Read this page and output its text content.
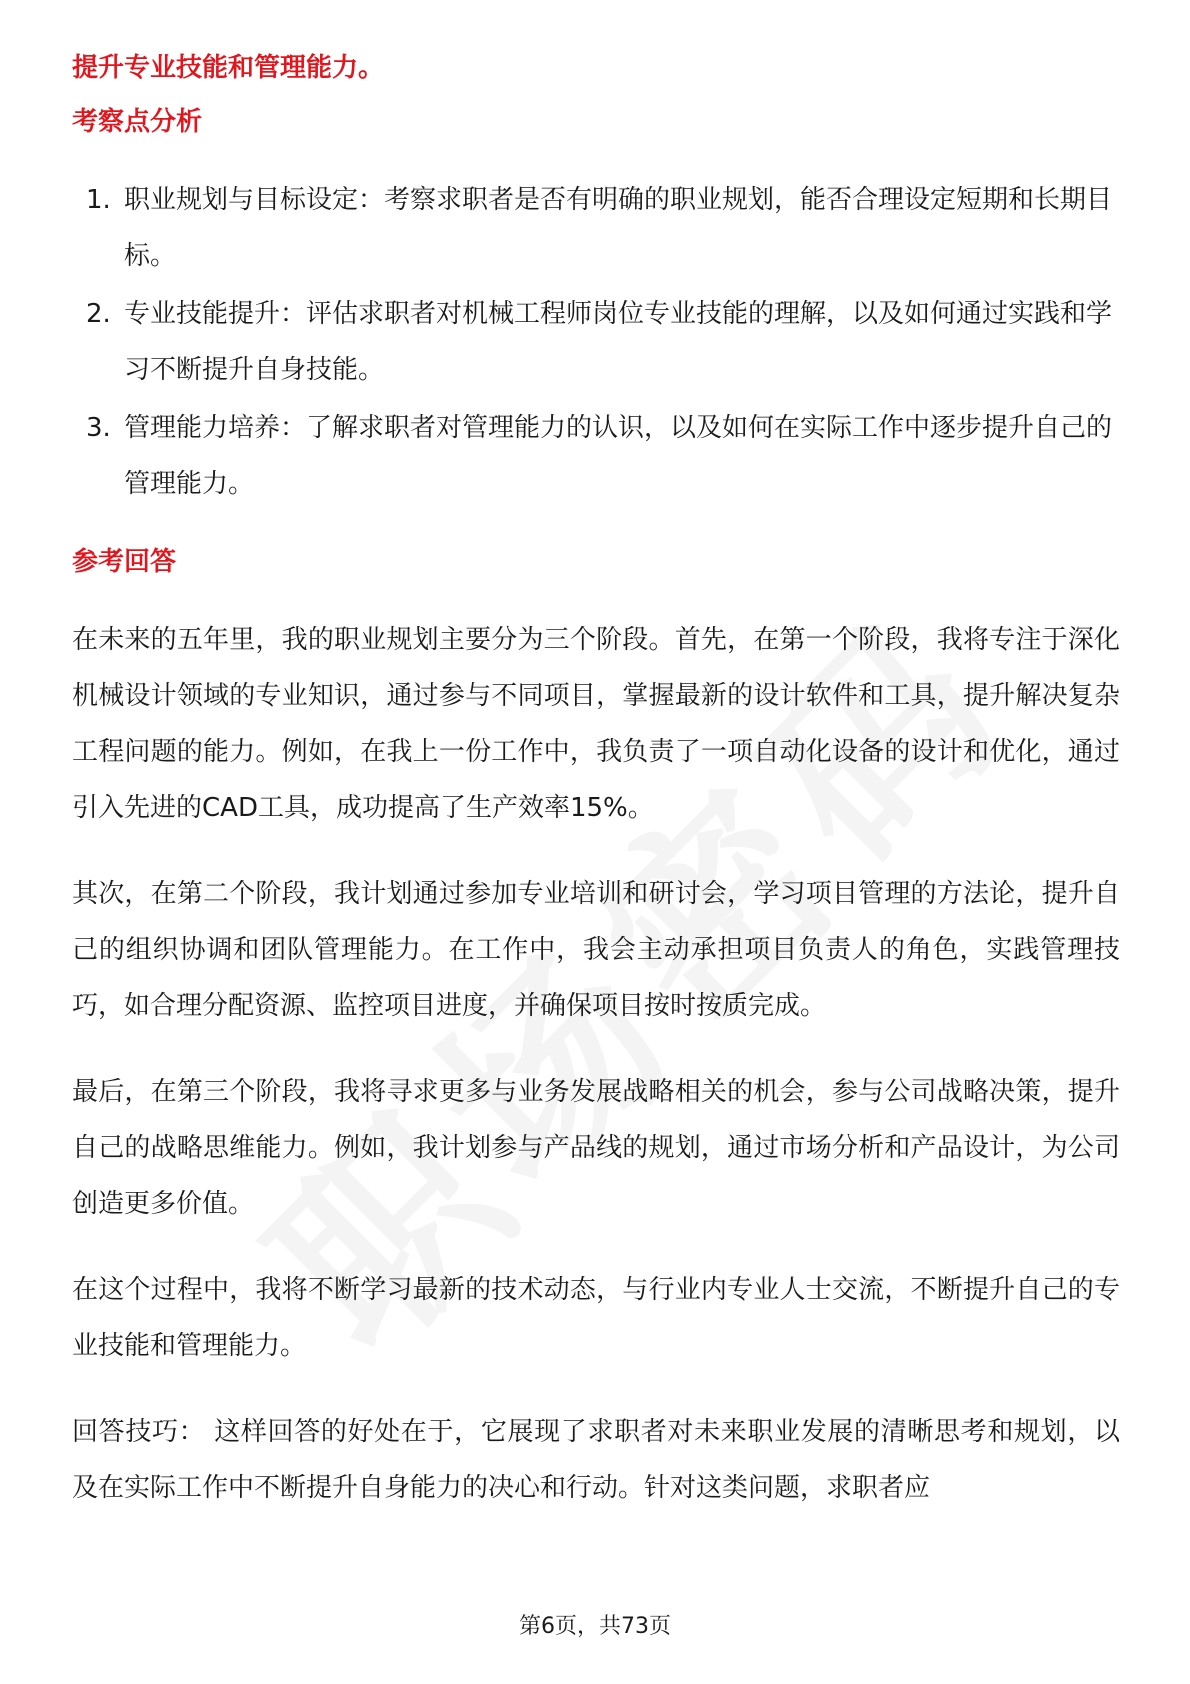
提升专业技能和管理能力。
考察点分析
1. 职业规划与目标设定：考察求职者是否有明确的职业规划，能否合理设定短期和长期目标。
2. 专业技能提升：评估求职者对机械工程师岗位专业技能的理解，以及如何通过实践和学习不断提升自身技能。
3. 管理能力培养：了解求职者对管理能力的认识，以及如何在实际工作中逐步提升自己的管理能力。
参考回答

在未来的五年里，我的职业规划主要分为三个阶段。首先，在第一个阶段，我将专注于深化机械设计领域的专业知识，通过参与不同项目，掌握最新的设计软件和工具，提升解决复杂工程问题的能力。例如，在我上一份工作中，我负责了一项自动化设备的设计和优化，通过引入先进的CAD工具，成功提高了生产效率15%。

其次，在第二个阶段，我计划通过参加专业培训和研讨会，学习项目管理的方法论，提升自己的组织协调和团队管理能力。在工作中，我会主动承担项目负责人的角色，实践管理技巧，如合理分配资源、监控项目进度，并确保项目按时按质完成。

最后，在第三个阶段，我将寻求更多与业务发展战略相关的机会，参与公司战略决策，提升自己的战略思维能力。例如，我计划参与产品线的规划，通过市场分析和产品设计，为公司创造更多价值。

在这个过程中，我将不断学习最新的技术动态，与行业内专业人士交流，不断提升自己的专业技能和管理能力。

回答技巧： 这样回答的好处在于，它展现了求职者对未来职业发展的清晰思考和规划，以及在实际工作中不断提升自身能力的决心和行动。针对这类问题，求职者应

第6页，共73页
